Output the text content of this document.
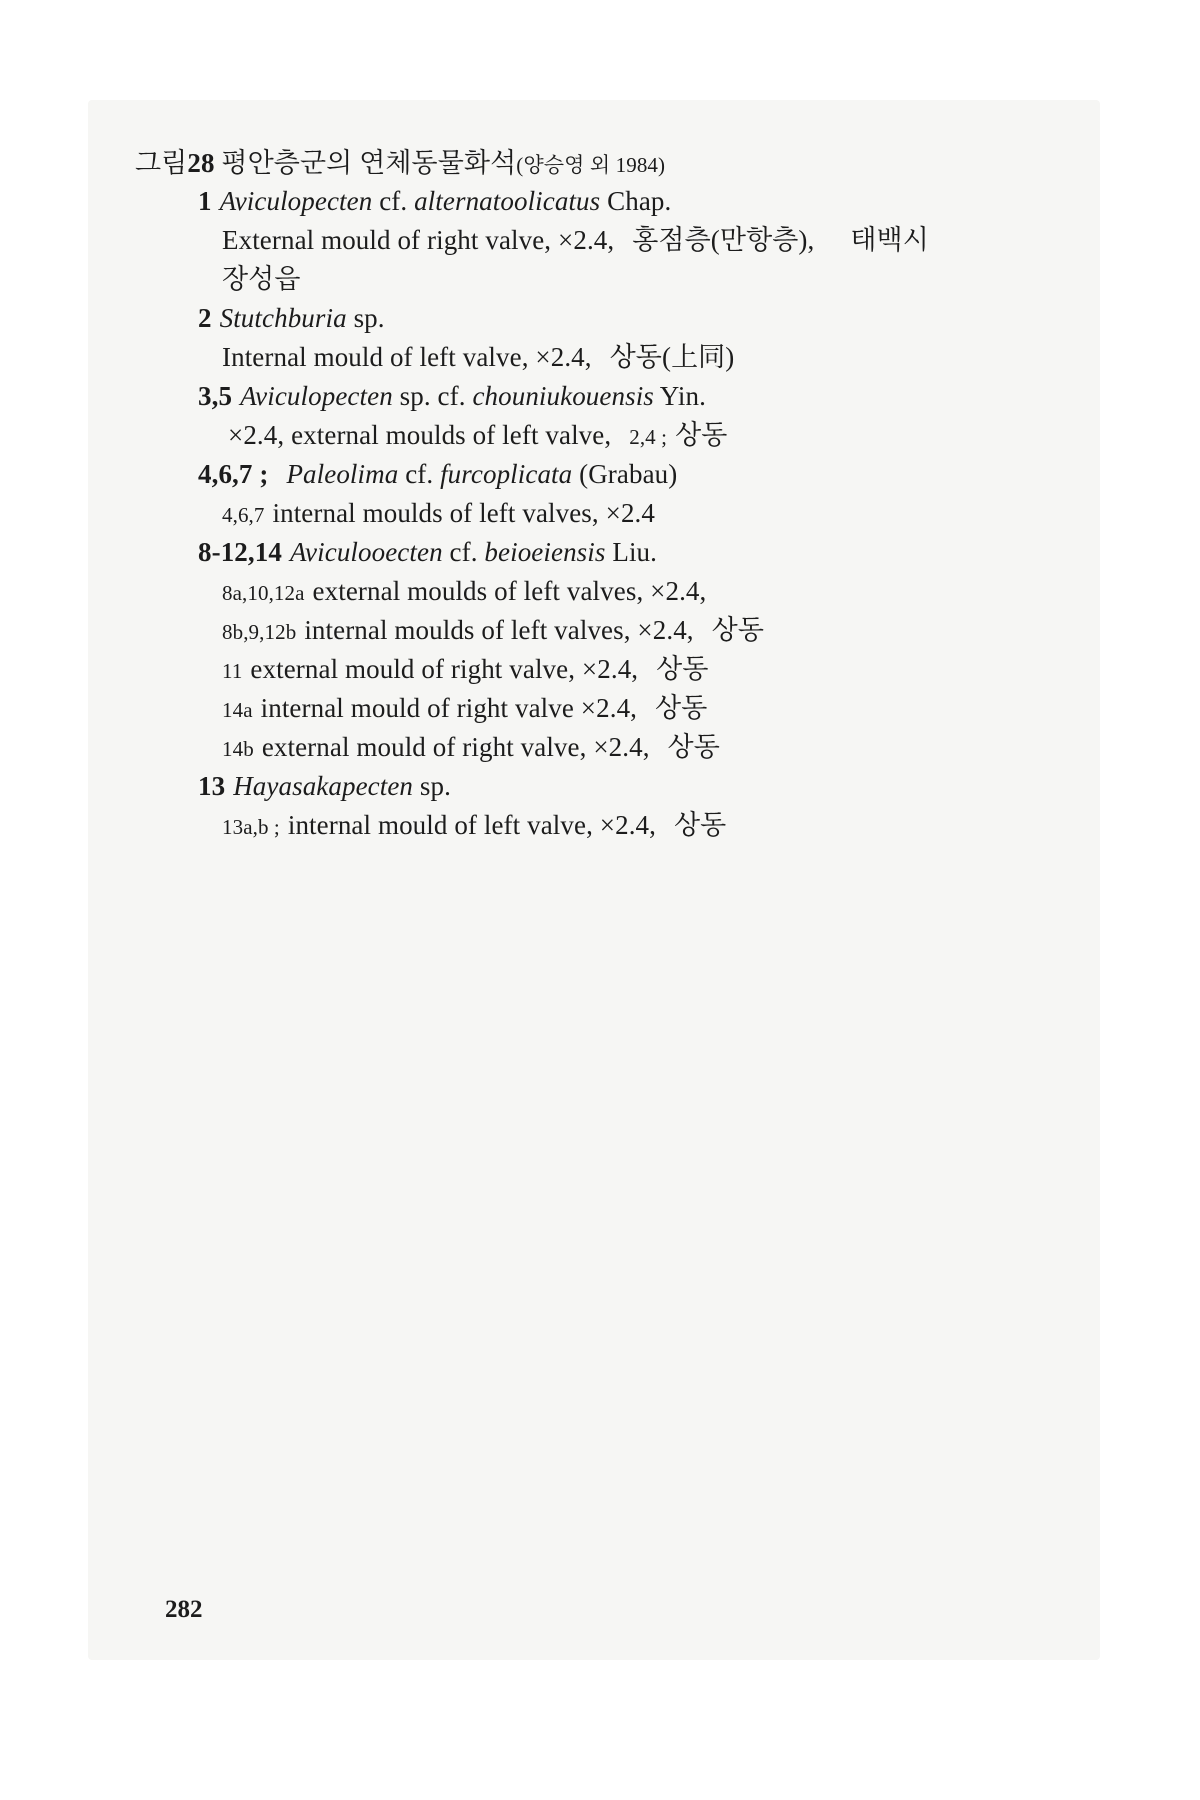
그림28 평안층군의 연체동물화석(양승영 외 1984)
1 Aviculopecten cf. alternatoolicatus Chap.
External mould of right valve, ×2.4, 홍점층(만항층), 태백시
장성읍
2 Stutchburia sp.
Internal mould of left valve, ×2.4, 상동(上同)
3,5 Aviculopecten sp. cf. chouniukouensis Yin.
×2.4, external moulds of left valve, 2,4 ; 상동
4,6,7 ; Paleolima cf. furcoplicata (Grabau)
4,6,7 internal moulds of left valves, ×2.4
8-12,14 Aviculooecten cf. beioeiensis Liu.
8a,10,12a external moulds of left valves, ×2.4,
8b,9,12b internal moulds of left valves, ×2.4, 상동
11 external mould of right valve, ×2.4, 상동
14a internal mould of right valve ×2.4, 상동
14b external mould of right valve, ×2.4, 상동
13 Hayasakapecten sp.
13a,b ; internal mould of left valve, ×2.4, 상동
282
